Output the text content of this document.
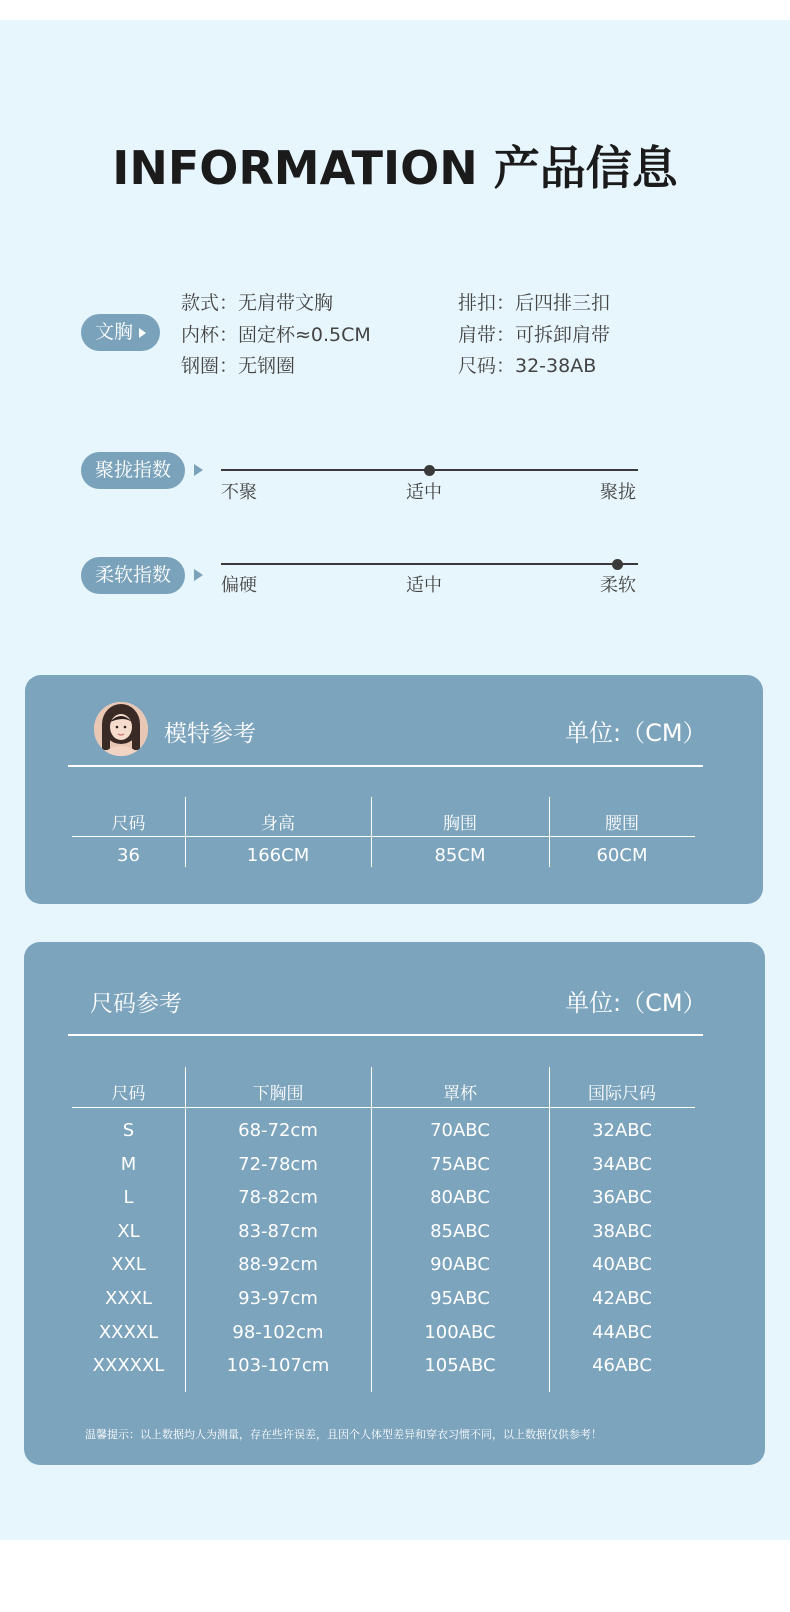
INFORMATION 产品信息
文胸
款式：无肩带文胸
内杯：固定杯≈0.5CM
钢圈：无钢圈
排扣：后四排三扣
肩带：可拆卸肩带
尺码：32-38AB
聚拢指数
不聚	适中	聚拢
柔软指数	偏硬	适中	柔软
模特参考	单位:（CM）
尺码	身高	胸围	腰围
36	166CM	85CM	60CM
尺码参考	单位:（CM）
尺码	下胸围	罩杯	国际尺码
S	68-72cm	70ABC	32ABC
M	72-78cm	75ABC	34ABC
L	78-82cm	80ABC	36ABC
XL	83-87cm	85ABC	38ABC
XXL	88-92cm	90ABC	40ABC
XXXL	93-97cm	95ABC	42ABC
XXXXL	98-102cm	100ABC	44ABC
XXXXXL	103-107cm	105ABC	46ABC
温馨提示：以上数据均人为测量，存在些许误差，且因个人体型差异和穿衣习惯不同，以上数据仅供参考！
